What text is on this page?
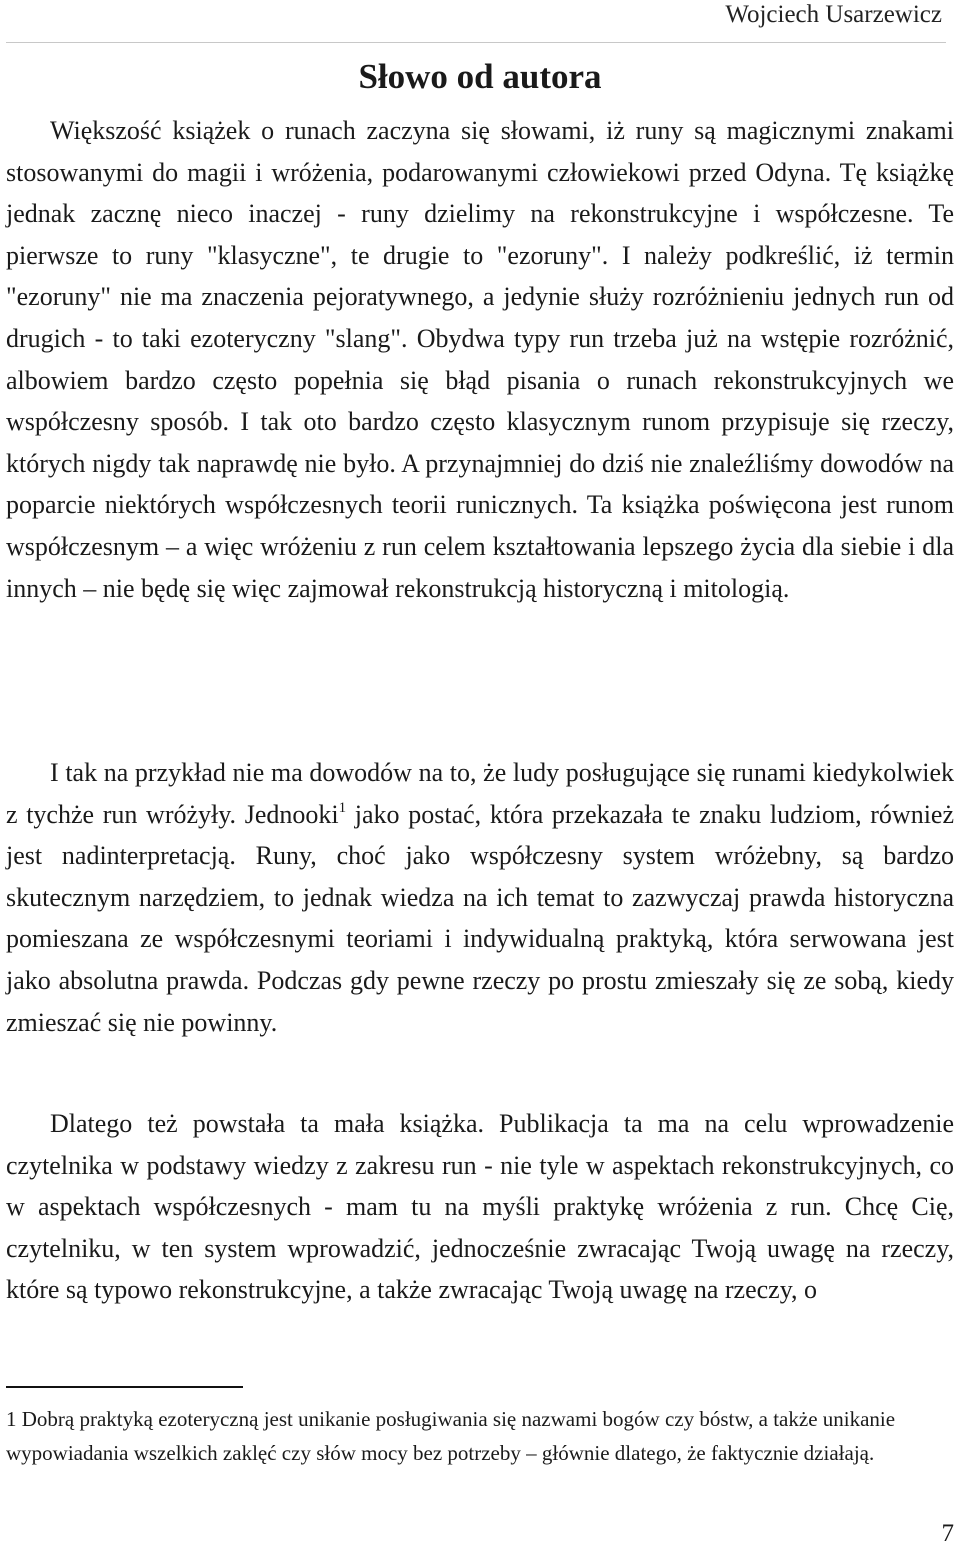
Wojciech Usarzewicz
Słowo od autora

Większość książek o runach zaczyna się słowami, iż runy są magicznymi znakami stosowanymi do magii i wróżenia, podarowanymi człowiekowi przed Odyna. Tę książkę jednak zacznę nieco inaczej - runy dzielimy na rekonstrukcyjne i współczesne. Te pierwsze to runy "klasyczne", te drugie to "ezoruny". I należy podkreślić, iż termin "ezoruny" nie ma znaczenia pejoratywnego, a jedynie służy rozróżnieniu jednych run od drugich - to taki ezoteryczny "slang". Obydwa typy run trzeba już na wstępie rozróżnić, albowiem bardzo często popełnia się błąd pisania o runach rekonstrukcyjnych we współczesny sposób. I tak oto bardzo często klasycznym runom przypisuje się rzeczy, których nigdy tak naprawdę nie było. A przynajmniej do dziś nie znaleźliśmy dowodów na poparcie niektórych współczesnych teorii runicznych. Ta książka poświęcona jest runom współczesnym – a więc wróżeniu z run celem kształtowania lepszego życia dla siebie i dla innych – nie będę się więc zajmował rekonstrukcją historyczną i mitologią.

I tak na przykład nie ma dowodów na to, że ludy posługujące się runami kiedykolwiek z tychże run wróżyły. Jednooki$^1$ jako postać, która przekazała te znaku ludziom, również jest nadinterpretacją. Runy, choć jako współczesny system wróżebny, są bardzo skutecznym narzędziem, to jednak wiedza na ich temat to zazwyczaj prawda historyczna pomieszana ze współczesnymi teoriami i indywidualną praktyką, która serwowana jest jako absolutna prawda. Podczas gdy pewne rzeczy po prostu zmieszały się ze sobą, kiedy zmieszać się nie powinny.

Dlatego też powstała ta mała książka. Publikacja ta ma na celu wprowadzenie czytelnika w podstawy wiedzy z zakresu run - nie tyle w aspektach rekonstrukcyjnych, co w aspektach współczesnych - mam tu na myśli praktykę wróżenia z run. Chcę Cię, czytelniku, w ten system wprowadzić, jednocześnie zwracając Twoją uwagę na rzeczy, które są typowo rekonstrukcyjne, a także zwracając Twoją uwagę na rzeczy, o

1 Dobrą praktyką ezoteryczną jest unikanie posługiwania się nazwami bogów czy bóstw, a także unikanie wypowiadania wszelkich zaklęć czy słów mocy bez potrzeby – głównie dlatego, że faktycznie działają.

7
